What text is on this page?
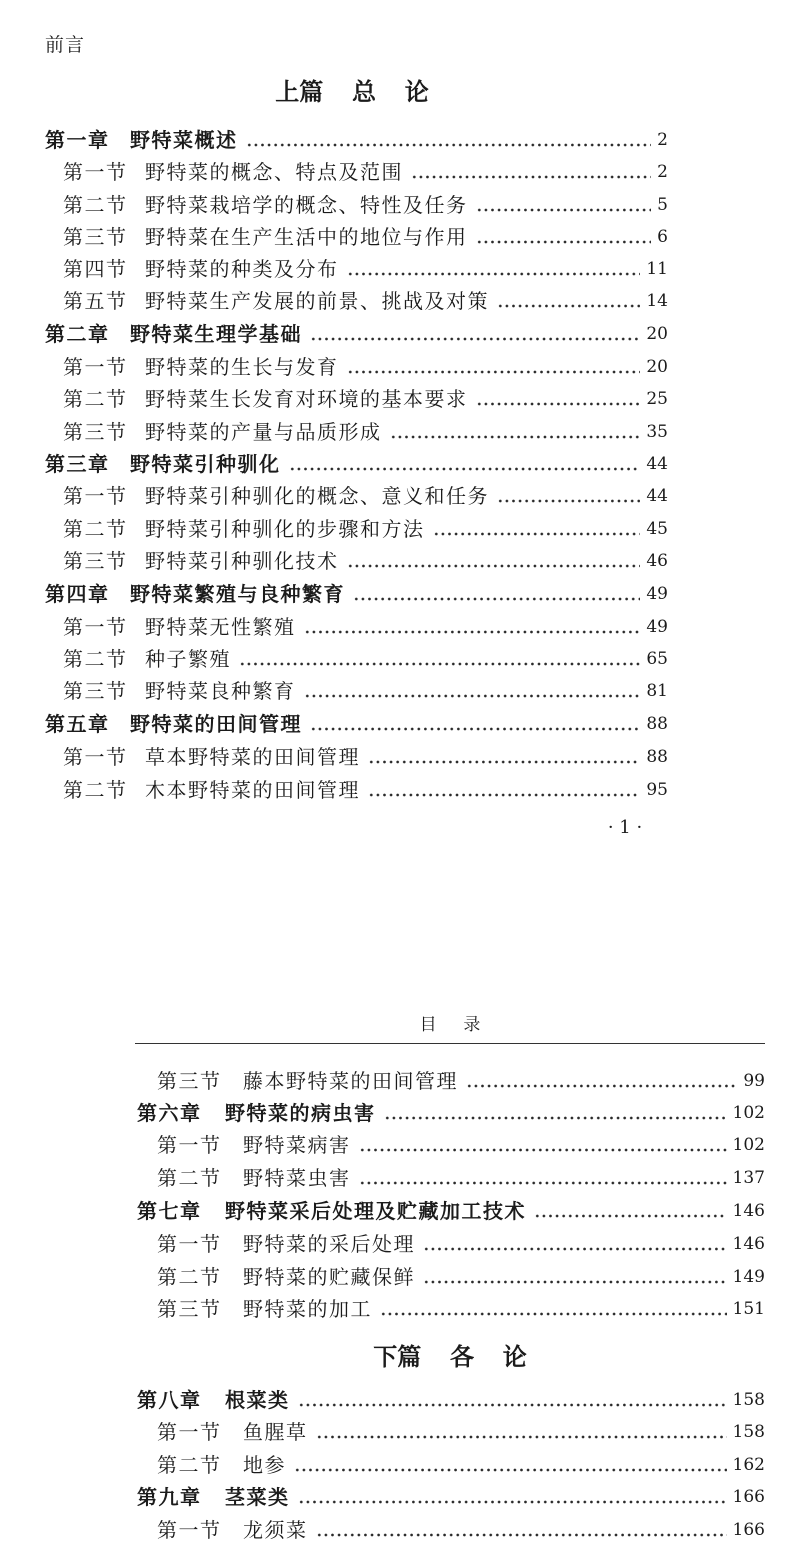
前言
上篇  总  论
第一章	野特菜概述	2
第一节 野特菜的概念、特点及范围	2
第二节 野特菜栽培学的概念、特性及任务	5
第三节 野特菜在生产生活中的地位与作用	6
第四节 野特菜的种类及分布	11
第五节 野特菜生产发展的前景、挑战及对策	14
第二章	野特菜生理学基础	20
第一节 野特菜的生长与发育	20
第二节 野特菜生长发育对环境的基本要求	25
第三节 野特菜的产量与品质形成	35
第三章	野特菜引种驯化	44
第一节 野特菜引种驯化的概念、意义和任务	44
第二节 野特菜引种驯化的步骤和方法	45
第三节 野特菜引种驯化技术	46
第四章	野特菜繁殖与良种繁育	49
第一节 野特菜无性繁殖	49
第二节 种子繁殖	65
第三节 野特菜良种繁育	81
第五章	野特菜的田间管理	88
第一节 草本野特菜的田间管理	88
第二节 木本野特菜的田间管理	95
· 1 ·
目  录
第三节	藤本野特菜的田间管理	99
第六章	野特菜的病虫害	102
第一节	野特菜病害	102
第二节	野特菜虫害	137
第七章	野特菜采后处理及贮藏加工技术	146
第一节	野特菜的采后处理	146
第二节	野特菜的贮藏保鲜	149
第三节	野特菜的加工	151
下篇  各  论
第八章	根菜类	158
第一节	鱼腥草	158
第二节	地参	162
第九章	茎菜类	166
第一节	龙须菜	166
